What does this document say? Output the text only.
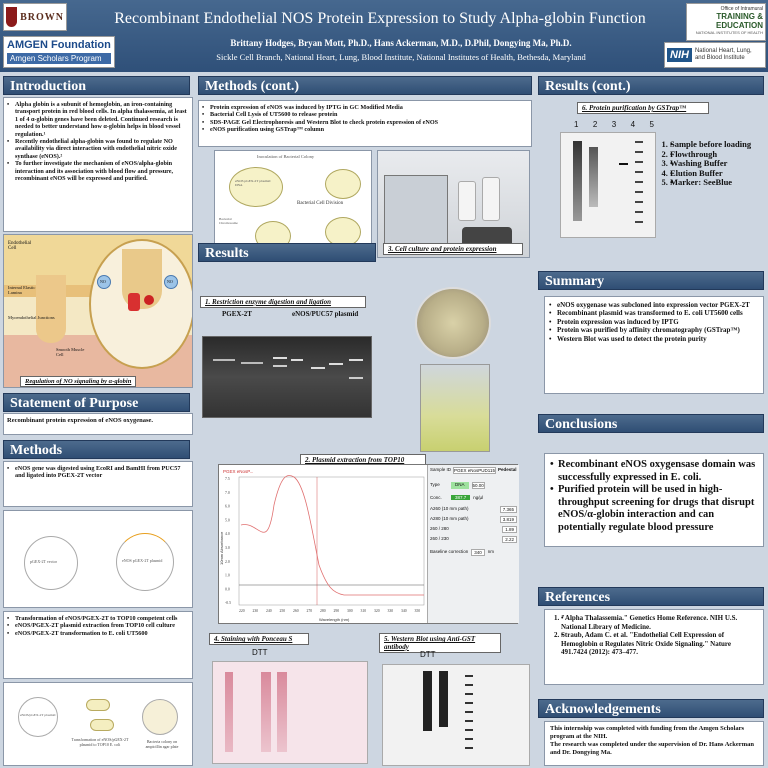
BROWN
AMGEN Foundation
Amgen Scholars Program
Recombinant Endothelial NOS Protein Expression to Study Alpha-globin Function
Brittany Hodges, Bryan Mott, Ph.D., Hans Ackerman, M.D., D.Phil, Dongying Ma, Ph.D.
Sickle Cell Branch, National Heart, Lung, Blood Institute, National Institutes of Health, Bethesda, Maryland
Office of Intramural
TRAINING & EDUCATION
NATIONAL INSTITUTES OF HEALTH
NIH	National Heart, Lung, and Blood Institute
Introduction
• Alpha globin is a subunit of hemoglobin, an iron-containing transport protein in red blood cells. In alpha thalassemia, at least 1 of 4 α-globin genes have been deleted. Continued research is needed to better understand how α-globin helps in blood vessel regulation.¹
• Recently endothelial alpha-globin was found to regulate NO availability via direct interaction with endothelial nitric oxide synthase (eNOS).²
• To further investigate the mechanism of eNOS/alpha-globin interaction and its association with blood flow and pressure, recombinant eNOS will be expressed and purified.
Endothelial Cell
Internal Elastic Lamina
Myoendothelial Junctions
Smooth Muscle Cell
NO	NO
Regulation of NO signaling by α-globin
Statement of Purpose
Recombinant protein expression of eNOS oxygenase.
Methods
• eNOS gene was digested using EcoRI and BamHI from PUC57 and ligated into PGEX-2T vector
pGEX-2T vector	eNOS pGEX-2T plasmid
• Transformation of eNOS/PGEX-2T to TOP10 competent cells
• eNOS/PGEX-2T plasmid extraction from TOP10 cell culture
• eNOS/PGEX-2T transformation to E. coli UT5600
eNOS/pGEX-2T plasmid
Transformation of eNOS/pGEX-2T plasmid to TOP10 E. coli
Bacteria colony on ampicillin agar plate
Methods (cont.)
• Protein expression of eNOS was induced by IPTG in GC Modified Media
• Bacterial Cell Lysis of UT5600 to release protein
• SDS-PAGE Gel Electrophoresis and Western Blot to check protein expression of eNOS
• eNOS purification using GSTrap™ column
Inoculation of Bacterial Colony
eNOS pGEX-2T plasmid DNA
Bacterial Chromosome
Bacterial Cell Division
Results
1. Restriction enzyme digestion and ligation
PGEX-2T	eNOS/PUC57 plasmid
3. Cell culture and protein expression
2. Plasmid extraction from TOP10
PGEX eNosP...
7.5
7.0
6.0
5.0
4.0
3.0
2.0
1.0
0.0
-0.5
220 230 240 250 260 270 280 290 300 310 320 330 340 350
Wavelength (nm)
10mm Absorbance
Sample ID PGEX eNosPUD115 Pedestal
Type	DNA	50.00
Conc.	387.7	ng/µl
A260 (10 mm path)	7.365
A280 (10 mm path)	3.819
260 / 280	1.89
260 / 230	2.22
Baseline correction	340	nm
4. Staining with Ponceau S
DTT
5. Western Blot using Anti-GST antibody
DTT
Results (cont.)
6. Protein purification by GSTrap™
1 2 3 4 5
• 1. Sample before loading
• 2. Flowthrough
• 3. Washing Buffer
• 4. Elution Buffer
• 5. Marker: SeeBlue
Summary
• eNOS oxygenase was subcloned into expression vector PGEX-2T
• Recombinant plasmid was transformed to E. coli UT5600 cells
• Protein expression was induced by IPTG
• Protein was purified by affinity chromatography (GSTrap™)
• Western Blot was used to detect the protein purity
Conclusions
• Recombinant eNOS oxygensase domain was successfully expressed in E. coli.
• Purified protein will be used in high-throughput screening for drugs that disrupt eNOS/α-globin interaction and can potentially regulate blood pressure
References
• 1. "Alpha Thalassemia." Genetics Home Reference. NIH U.S. National Library of Medicine.
• 2. Straub, Adam C. et al. "Endothelial Cell Expression of Hemoglobin α Regulates Nitric Oxide Signaling." Nature 491.7424 (2012): 473–477.
Acknowledgements

This internship was completed with funding from the Amgen Scholars program at the NIH.

The research was completed under the supervision of Dr. Hans Ackerman and Dr. Dongying Ma.
